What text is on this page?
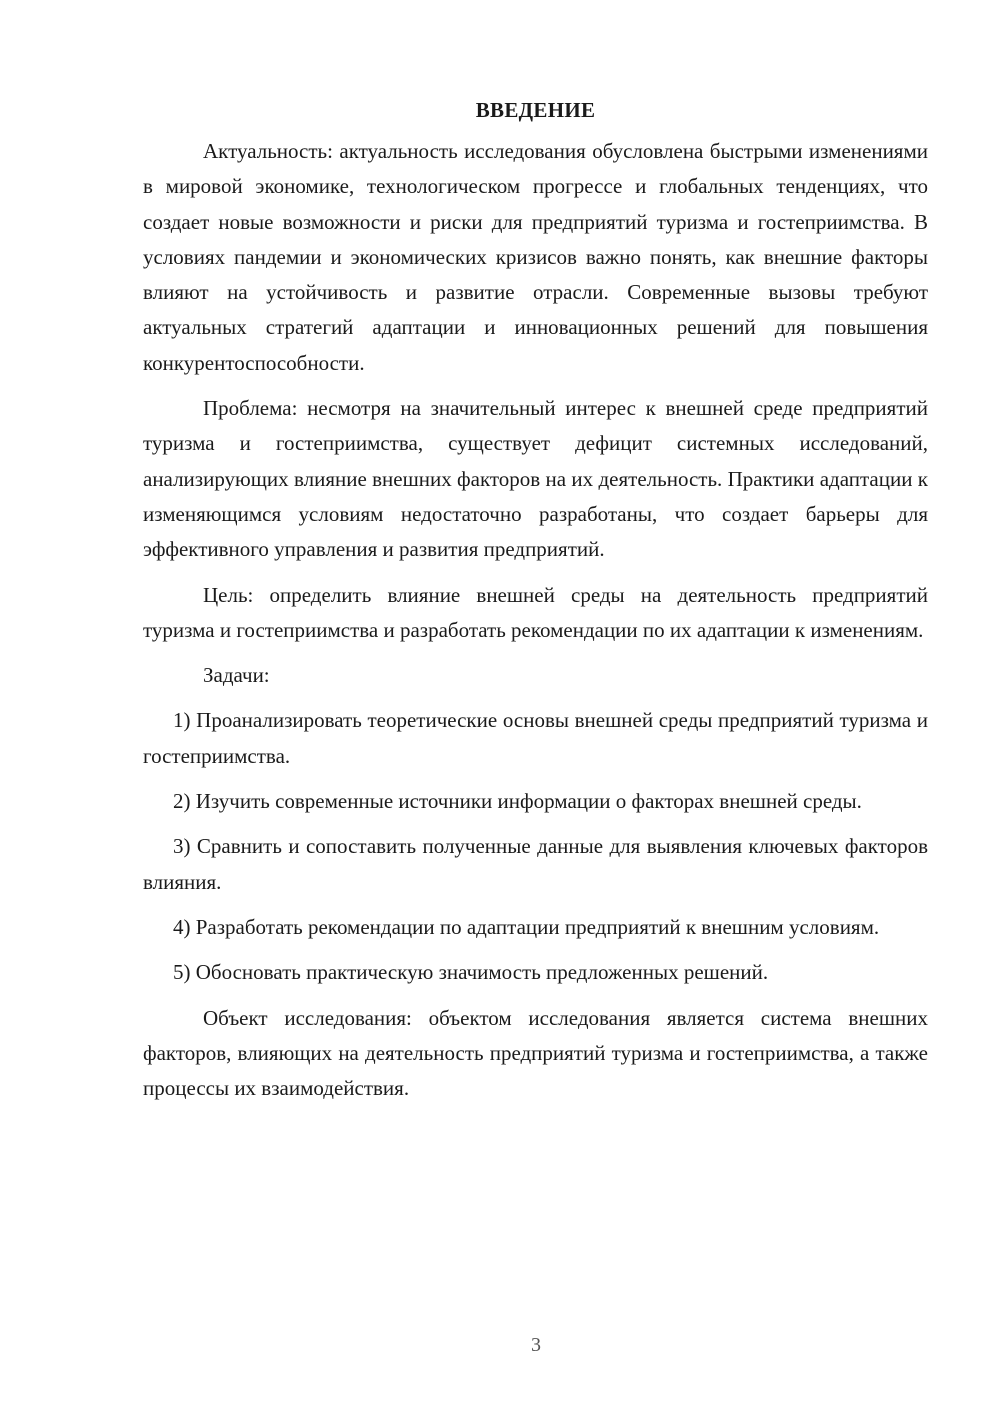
ВВЕДЕНИЕ

Актуальность: актуальность исследования обусловлена быстрыми изменениями в мировой экономике, технологическом прогрессе и глобальных тенденциях, что создает новые возможности и риски для предприятий туризма и гостеприимства. В условиях пандемии и экономических кризисов важно понять, как внешние факторы влияют на устойчивость и развитие отрасли. Современные вызовы требуют актуальных стратегий адаптации и инновационных решений для повышения конкурентоспособности.

Проблема: несмотря на значительный интерес к внешней среде предприятий туризма и гостеприимства, существует дефицит системных исследований, анализирующих влияние внешних факторов на их деятельность. Практики адаптации к изменяющимся условиям недостаточно разработаны, что создает барьеры для эффективного управления и развития предприятий.

Цель: определить влияние внешней среды на деятельность предприятий туризма и гостеприимства и разработать рекомендации по их адаптации к изменениям.

Задачи:

1) Проанализировать теоретические основы внешней среды предприятий туризма и гостеприимства.

2) Изучить современные источники информации о факторах внешней среды.

3) Сравнить и сопоставить полученные данные для выявления ключевых факторов влияния.

4) Разработать рекомендации по адаптации предприятий к внешним условиям.

5) Обосновать практическую значимость предложенных решений.

Объект исследования: объектом исследования является система внешних факторов, влияющих на деятельность предприятий туризма и гостеприимства, а также процессы их взаимодействия.

3
